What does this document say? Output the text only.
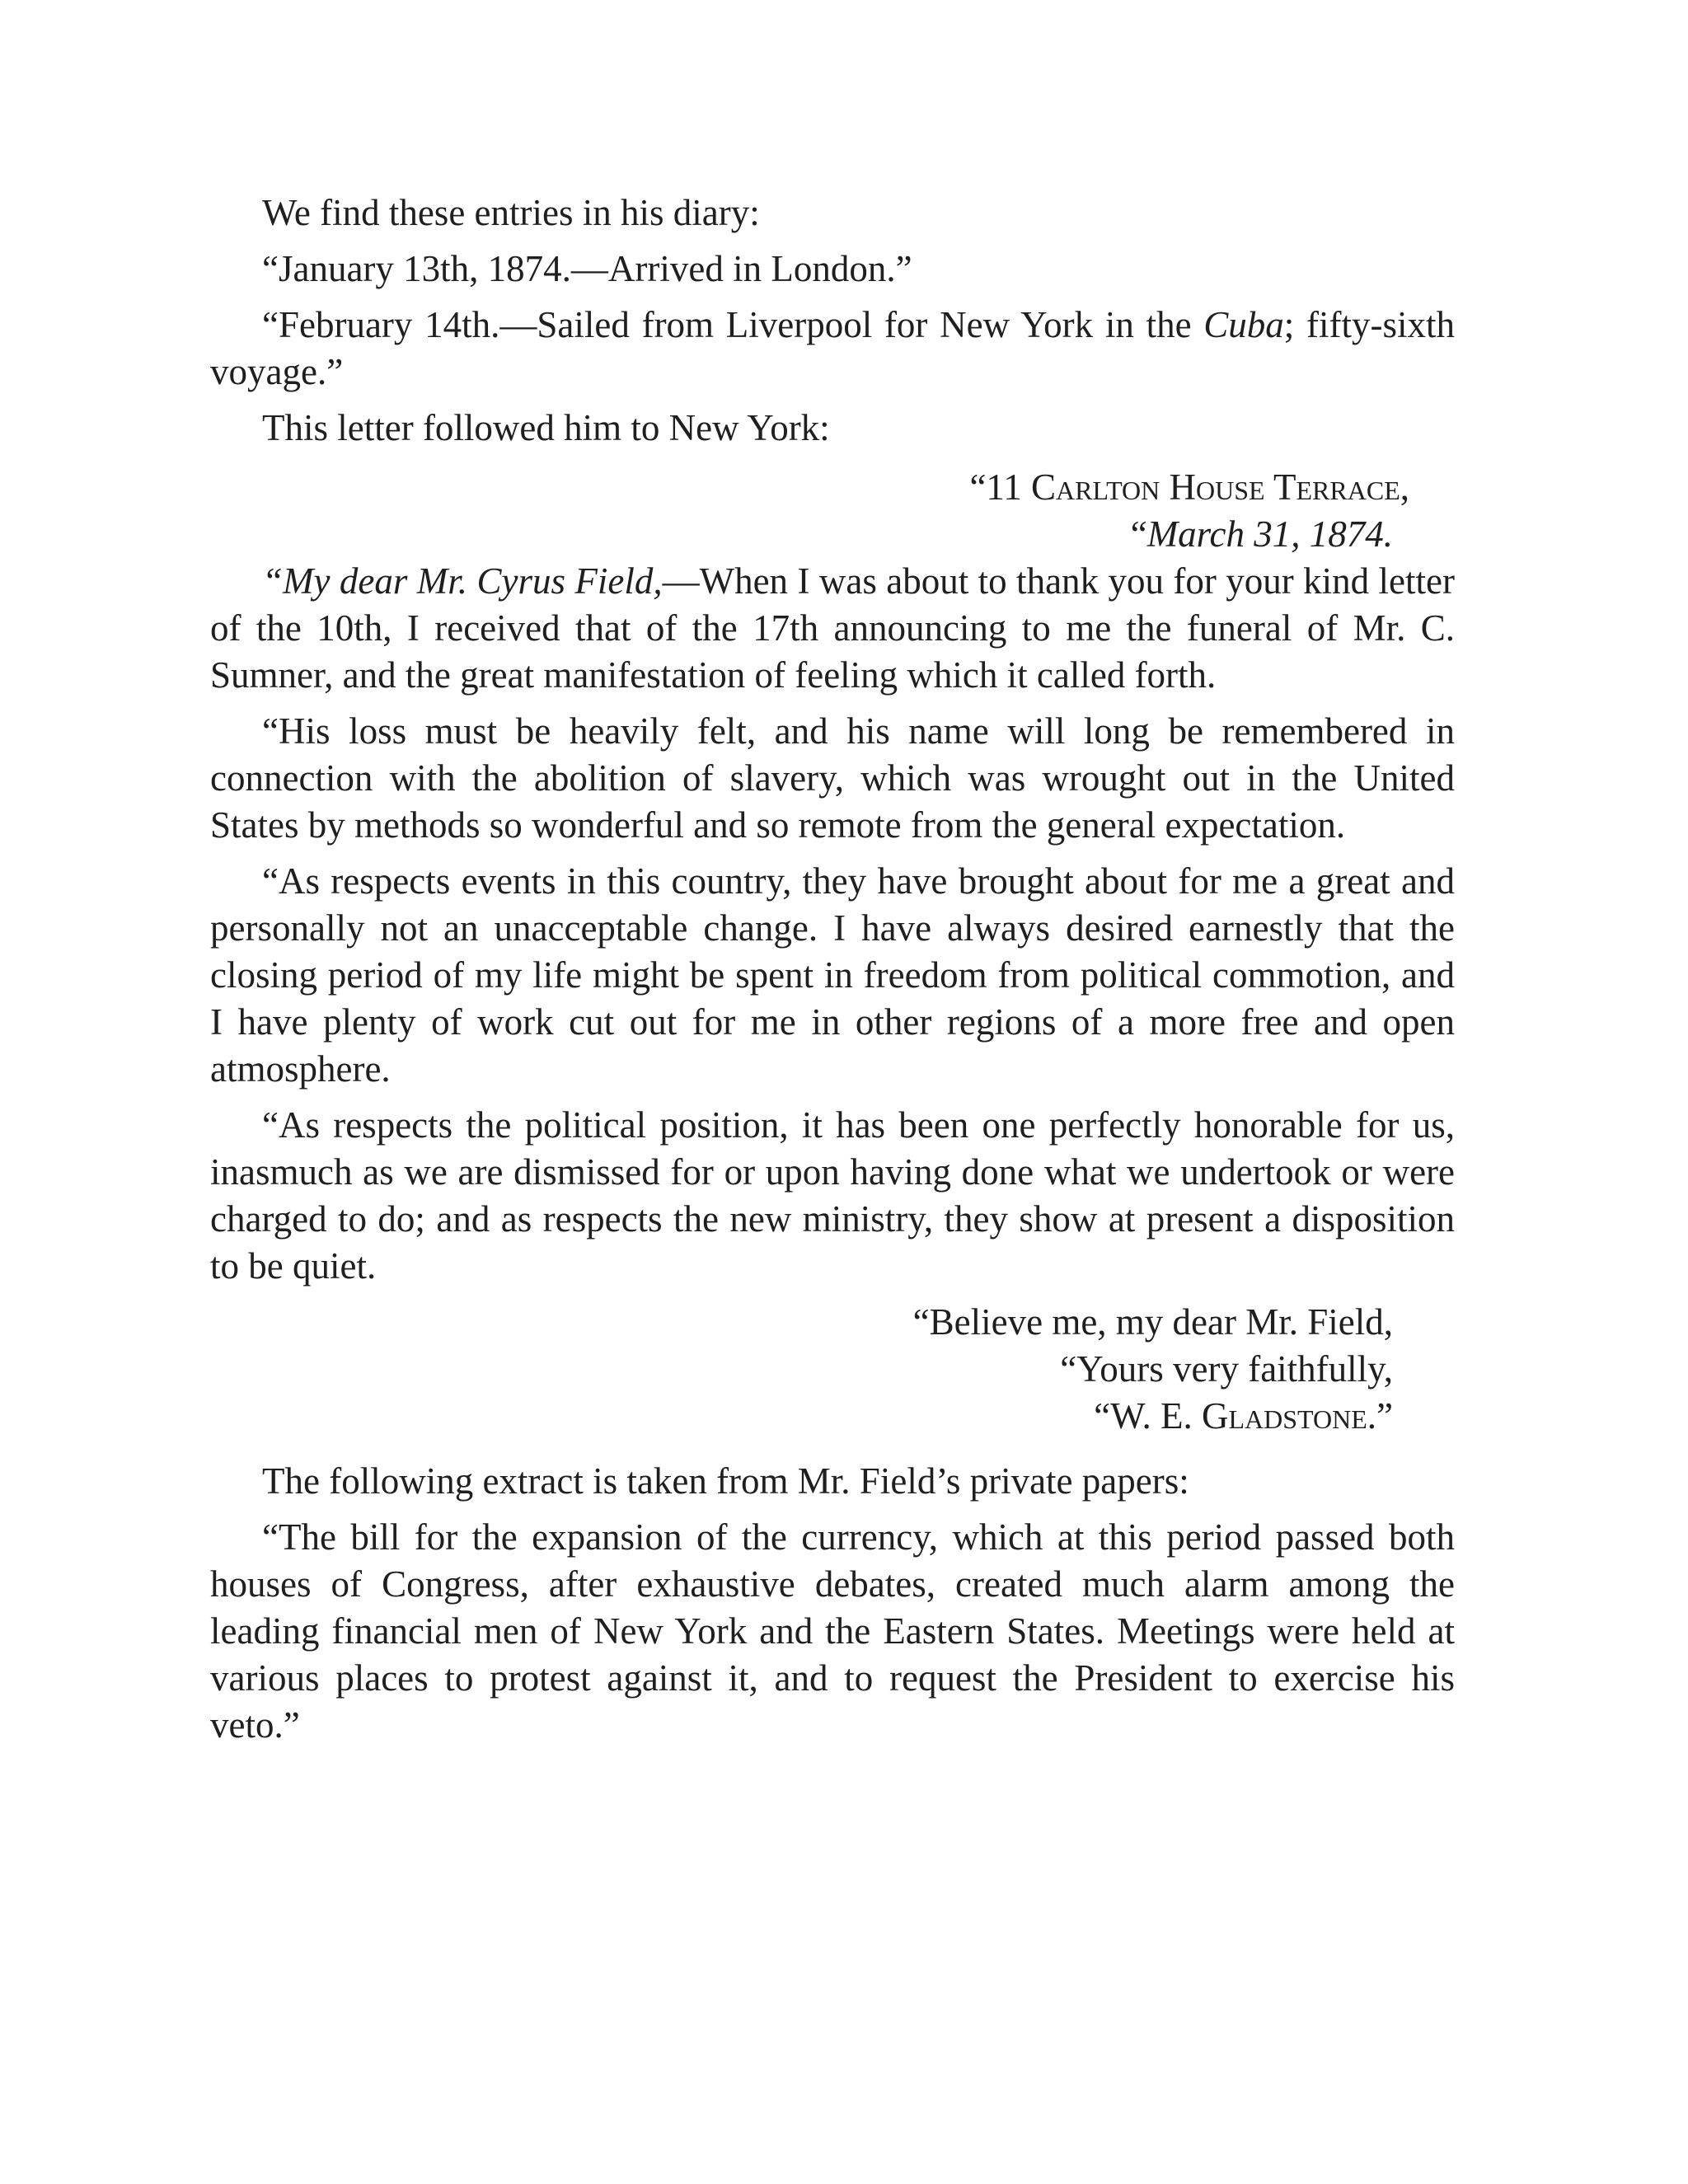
We find these entries in his diary:

“January 13th, 1874.—Arrived in London.”

“February 14th.—Sailed from Liverpool for New York in the Cuba; fifty-sixth voyage.”

This letter followed him to New York:

“11 Carlton House Terrace,

“March 31, 1874.

“My dear Mr. Cyrus Field,—When I was about to thank you for your kind letter of the 10th, I received that of the 17th announcing to me the funeral of Mr. C. Sumner, and the great manifestation of feeling which it called forth.

“His loss must be heavily felt, and his name will long be remembered in connection with the abolition of slavery, which was wrought out in the United States by methods so wonderful and so remote from the general expectation.

“As respects events in this country, they have brought about for me a great and personally not an unacceptable change. I have always desired earnestly that the closing period of my life might be spent in freedom from political commotion, and I have plenty of work cut out for me in other regions of a more free and open atmosphere.

“As respects the political position, it has been one perfectly honorable for us, inasmuch as we are dismissed for or upon having done what we undertook or were charged to do; and as respects the new ministry, they show at present a disposition to be quiet.

“Believe me, my dear Mr. Field,

“Yours very faithfully,

“W. E. Gladstone.”

The following extract is taken from Mr. Field’s private papers:

“The bill for the expansion of the currency, which at this period passed both houses of Congress, after exhaustive debates, created much alarm among the leading financial men of New York and the Eastern States. Meetings were held at various places to protest against it, and to request the President to exercise his veto.”
